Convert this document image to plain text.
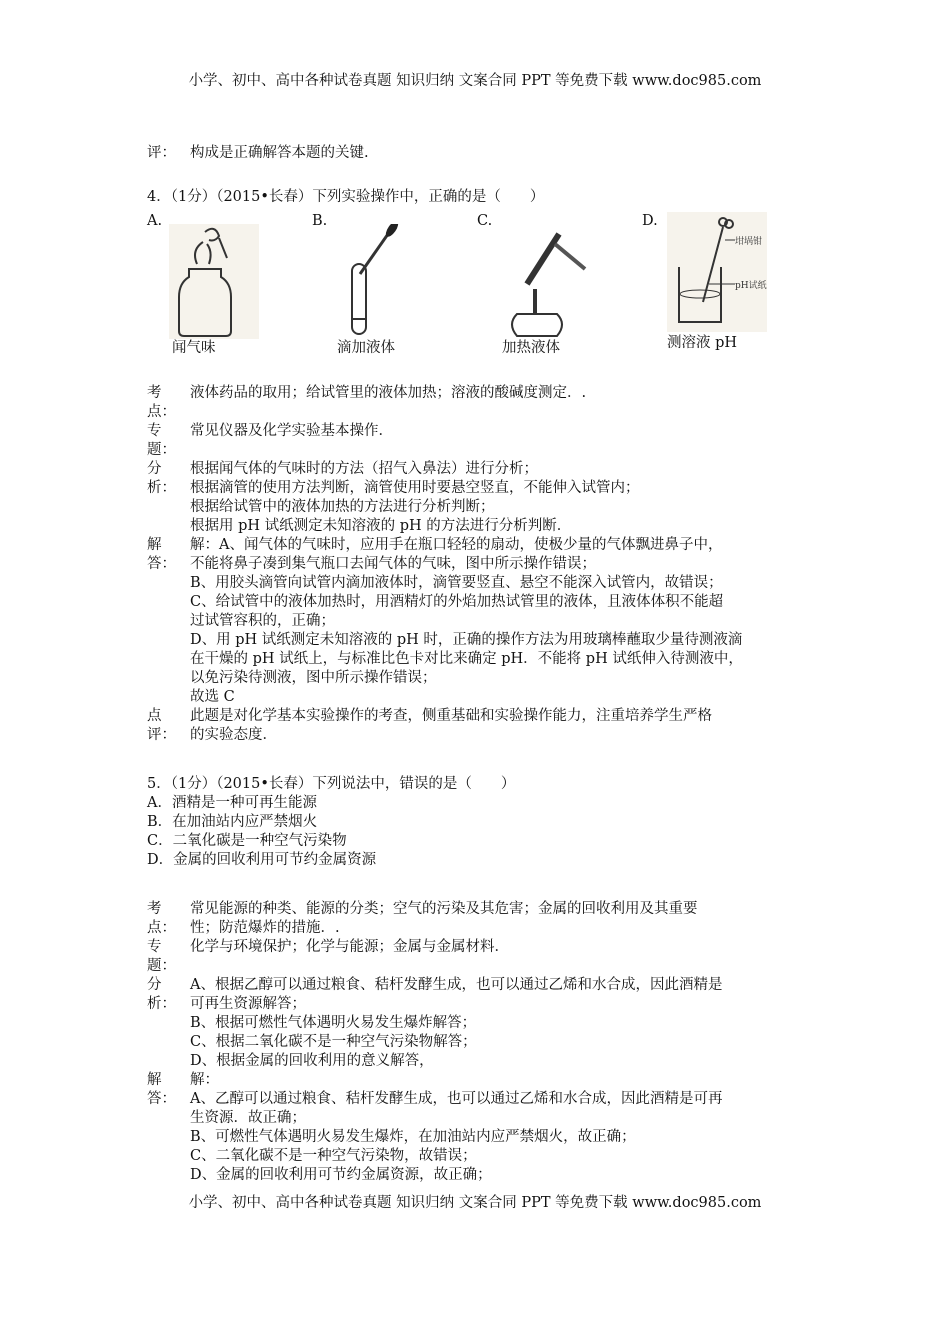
小学、初中、高中各种试卷真题 知识归纳 文案合同 PPT 等免费下载 www.doc985.com
评： 构成是正确解答本题的关键.
4．（1分）（2015•长春）下列实验操作中，正确的是（　　）
A.
闻气味
B.
滴加液体
C.
加热液体
D.
坩埚钳
pH试纸
测溶液 pH
考
点：
液体药品的取用；给试管里的液体加热；溶液的酸碱度测定．.
专
题：
常见仪器及化学实验基本操作．
分
析：
根据闻气体的气味时的方法（招气入鼻法）进行分析；
根据滴管的使用方法判断，滴管使用时要悬空竖直，不能伸入试管内；
根据给试管中的液体加热的方法进行分析判断；
根据用 pH 试纸测定未知溶液的 pH 的方法进行分析判断．
解
答：
解：A、闻气体的气味时，应用手在瓶口轻轻的扇动，使极少量的气体飘进鼻子中，
不能将鼻子凑到集气瓶口去闻气体的气味，图中所示操作错误；
B、用胶头滴管向试管内滴加液体时，滴管要竖直、悬空不能深入试管内，故错误；
C、给试管中的液体加热时，用酒精灯的外焰加热试管里的液体，且液体体积不能超
过试管容积的，正确；
D、用 pH 试纸测定未知溶液的 pH 时，正确的操作方法为用玻璃棒蘸取少量待测液滴
在干燥的 pH 试纸上，与标准比色卡对比来确定 pH．不能将 pH 试纸伸入待测液中，
以免污染待测液，图中所示操作错误；
故选 C
点
评：
此题是对化学基本实验操作的考查，侧重基础和实验操作能力，注重培养学生严格
的实验态度．
5．（1分）（2015•长春）下列说法中，错误的是（　　）
A．酒精是一种可再生能源
B．在加油站内应严禁烟火
C．二氧化碳是一种空气污染物
D．金属的回收利用可节约金属资源
考
点：
常见能源的种类、能源的分类；空气的污染及其危害；金属的回收利用及其重要
性；防范爆炸的措施．.
专
题：
化学与环境保护；化学与能源；金属与金属材料．
分
析：
A、根据乙醇可以通过粮食、秸杆发酵生成，也可以通过乙烯和水合成，因此酒精是
可再生资源解答；
B、根据可燃性气体遇明火易发生爆炸解答；
C、根据二氧化碳不是一种空气污染物解答；
D、根据金属的回收利用的意义解答，
解
答：
解：
A、乙醇可以通过粮食、秸杆发酵生成，也可以通过乙烯和水合成，因此酒精是可再
生资源．故正确；
B、可燃性气体遇明火易发生爆炸，在加油站内应严禁烟火，故正确；
C、二氧化碳不是一种空气污染物，故错误；
D、金属的回收利用可节约金属资源，故正确；
小学、初中、高中各种试卷真题 知识归纳 文案合同 PPT 等免费下载 www.doc985.com
